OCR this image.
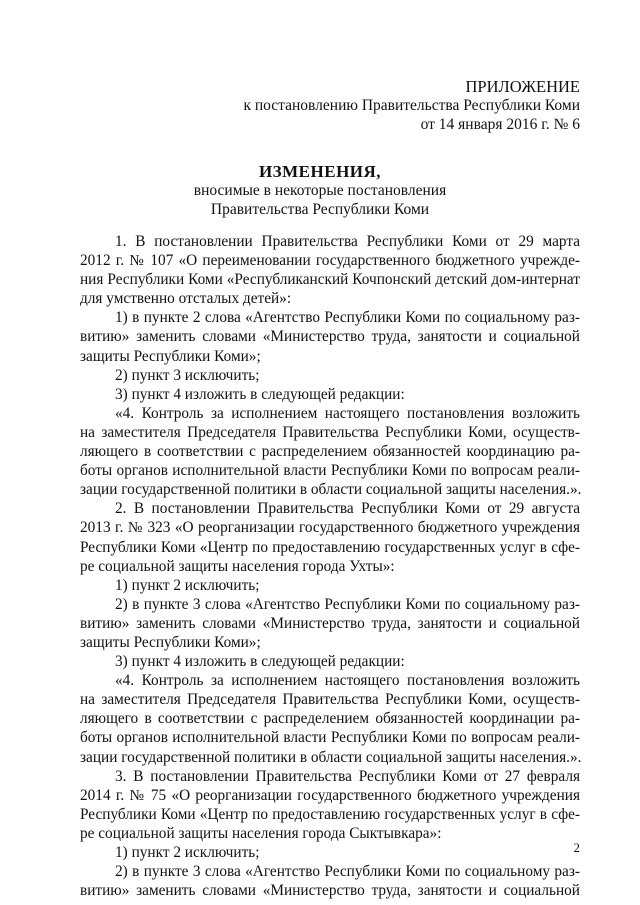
ПРИЛОЖЕНИЕ
к постановлению Правительства Республики Коми
от 14 января 2016 г. № 6
ИЗМЕНЕНИЯ,
вносимые в некоторые постановления
Правительства Республики Коми
1. В постановлении Правительства Республики Коми от 29 марта
2012 г. № 107 «О переименовании государственного бюджетного учрежде-
ния Республики Коми «Республиканский Кочпонский детский дом-интернат
для умственно отсталых детей»:
1) в пункте 2 слова «Агентство Республики Коми по социальному раз-
витию» заменить словами «Министерство труда, занятости и социальной
защиты Республики Коми»;
2) пункт 3 исключить;
3) пункт 4 изложить в следующей редакции:
«4. Контроль за исполнением настоящего постановления возложить
на заместителя Председателя Правительства Республики Коми, осуществ-
ляющего в соответствии с распределением обязанностей координацию ра-
боты органов исполнительной власти Республики Коми по вопросам реали-
зации государственной политики в области социальной защиты населения.».
2. В постановлении Правительства Республики Коми от 29 августа
2013 г. № 323 «О реорганизации государственного бюджетного учреждения
Республики Коми «Центр по предоставлению государственных услуг в сфе-
ре социальной защиты населения города Ухты»:
1) пункт 2 исключить;
2) в пункте 3 слова «Агентство Республики Коми по социальному раз-
витию» заменить словами «Министерство труда, занятости и социальной
защиты Республики Коми»;
3) пункт 4 изложить в следующей редакции:
«4. Контроль за исполнением настоящего постановления возложить
на заместителя Председателя Правительства Республики Коми, осуществ-
ляющего в соответствии с распределением обязанностей координации ра-
боты органов исполнительной власти Республики Коми по вопросам реали-
зации государственной политики в области социальной защиты населения.».
3. В постановлении Правительства Республики Коми от 27 февраля
2014 г. № 75 «О реорганизации государственного бюджетного учреждения
Республики Коми «Центр по предоставлению государственных услуг в сфе-
ре социальной защиты населения города Сыктывкара»:
1) пункт 2 исключить;
2) в пункте 3 слова «Агентство Республики Коми по социальному раз-
витию» заменить словами «Министерство труда, занятости и социальной
2
